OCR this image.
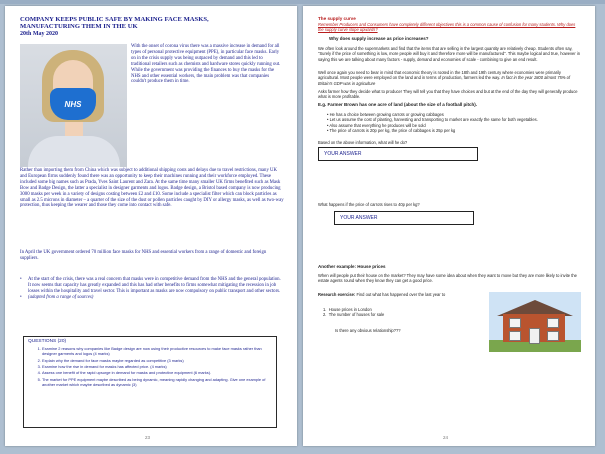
COMPANY KEEPS PUBLIC SAFE BY MAKING FACE MASKS, MANUFACTURING THEM IN THE UK
20th May 2020
NHS
With the onset of corona virus there was a massive increase in demand for all types of personal protective equipment (PPE), in particular face masks. Early on in the crisis supply was being outpaced by demand and this led to traditional retailers such as chemists and hardware stores quickly running out. While the government was providing the finances to buy the masks for the NHS and other essential workers, the main problem was that companies couldn't produce them in time.
Rather than importing them from China which was subject to additional shipping costs and delays due to travel restrictions, many UK and European firms suddenly found there was an opportunity to keep their machines running and their workforce employed. These included some big names such as Prada, Yves Saint Laurent and Zara. At the same time many smaller UK firms benefited such as Mask Bow and Badge Design, the latter a specialist in designer garments and logos. Badge design, a Bristol based company is now producing 3000 masks per week in a variety of designs costing between £2 and £10. Some include a specialist filter which can block particles as small as 2.5 microns in diameter – a quarter of the size of the dust or pollen particles caught by DIY or allergy masks, as well as two-way protection, thus keeping the wearer and those they come into contact with safe.
In April the UK government ordered 70 million face masks for NHS and essential workers from a range of domestic and foreign suppliers.
•	At the start of the crisis, there was a real concern that masks were in competitive demand from the NHS and the general population. It now seems that capacity has greatly expanded and this has had other benefits to firms somewhat mitigating the recession in job losses within the hospitality and travel sector. This is important as masks are now compulsory on public transport and other sectors.
•	(adapted from a range of sources)
QUESTIONS (20)
1. Examine 2 reasons why companies like Badge design are now using their productive resources to make face masks rather than designer garments and logos (4 marks)
2. Explain why the demand for face masks maybe regarded as competitive (3 marks)
3. Examine how the rise in demand for masks has affected price. (4 marks)
4. Assess one benefit of the rapid upsurge in demand for masks and protective equipment (6 marks).
5. The market for PPE equipment maybe described as being dynamic, meaning rapidly changing and adapting. Give one example of another market which maybe described as dynamic (3)
23
The supply curve
Remember Producers and Consumers have completely different objectives this is a common cause of confusion for many students. Why does the supply curve slope upwards?
Why does supply increase as price increases?
We often look around the supermarkets and find that the items that are selling in the largest quantity are relatively cheap. Students often say, "Surely if the price of something is low, more people will buy it and therefore more will be manufactured". This maybe logical and true, however in saying this we are talking about many factors - supply, demand and economies of scale - combining to give an end result.
Well once again you need to bear in mind that economic theory is rooted in the 18th and 19th century where economies were primarily agricultural. Most people were employed on the land and in terms of production, farmers led the way. In fact in the year 1800 almost 75% of Britain's GDP was in agriculture
Asks farmer how they decide what to produce! They will tell you that they have choices and but at the end of the day they will generally produce what is more profitable.
E.g. Farmer Brown has one acre of land (about the size of a football pitch).
• He has a choice between growing carrots or growing cabbages
• Let us assume the cost of planting, harvesting and transporting to market are exactly the same for both vegetables.
• Also assume that everything he produces will be sold
• The price of carrots is 20p per kg, the price of cabbages is 25p per kg
Based on the above information, what will he do?
YOUR ANSWER
What happens if the price of carrots rises to 40p per kg?
YOUR ANSWER
Another example: House prices
When will people put their house on the market? They may have some idea about when they want to move but they are more likely to invite the estate agents round when they know they can get a good price.
Research exercise: Find out what has happened over the last year to
1.  House prices in London
2.  The number of houses for sale
Is there any obvious relationship???
24
